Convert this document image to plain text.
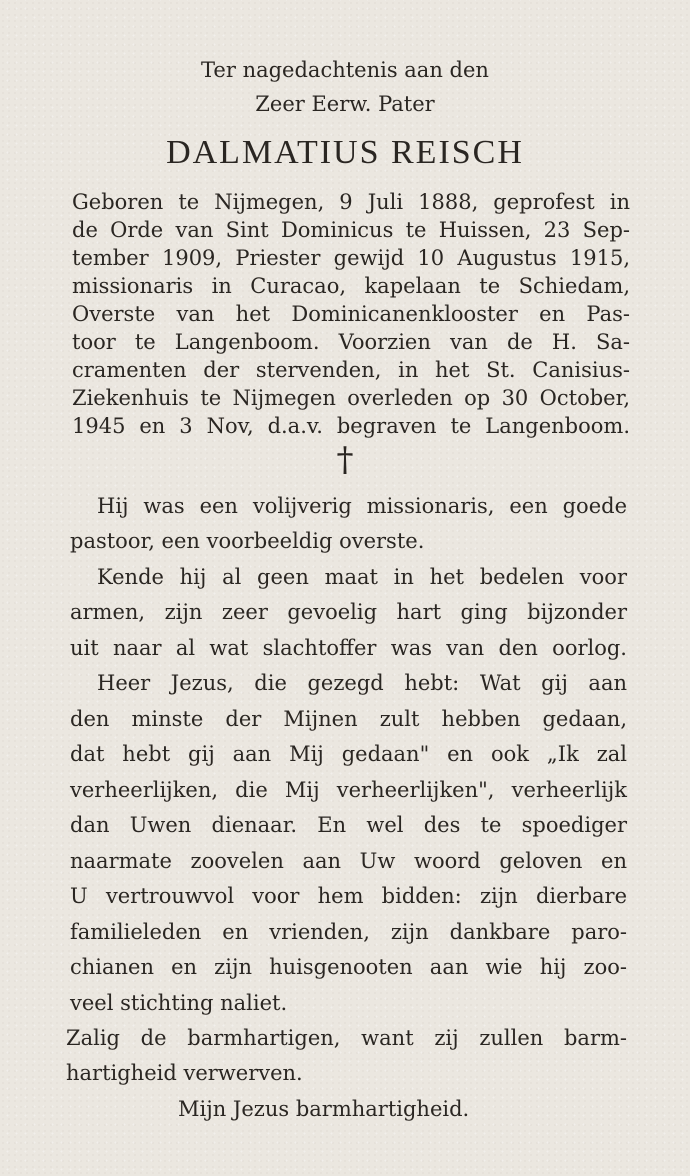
Ter nagedachtenis aan den
Zeer Eerw. Pater
DALMATIUS REISCH
Geboren te Nijmegen, 9 Juli 1888, geprofest in
de Orde van Sint Dominicus te Huissen, 23 Sep-
tember 1909, Priester gewijd 10 Augustus 1915,
missionaris in Curacao, kapelaan te Schiedam,
Overste van het Dominicanenklooster en Pas-
toor te Langenboom. Voorzien van de H. Sa-
cramenten der stervenden, in het St. Canisius-
Ziekenhuis te Nijmegen overleden op 30 October,
1945 en 3 Nov, d.a.v. begraven te Langenboom.
†
Hij was een volijverig missionaris, een goede
pastoor, een voorbeeldig overste.
Kende hij al geen maat in het bedelen voor
armen, zijn zeer gevoelig hart ging bijzonder
uit naar al wat slachtoffer was van den oorlog.
Heer Jezus, die gezegd hebt: Wat gij aan
den minste der Mijnen zult hebben gedaan,
dat hebt gij aan Mij gedaan" en ook „Ik zal
verheerlijken, die Mij verheerlijken", verheerlijk
dan Uwen dienaar. En wel des te spoediger
naarmate zoovelen aan Uw woord geloven en
U vertrouwvol voor hem bidden: zijn dierbare
familieleden en vrienden, zijn dankbare paro-
chianen en zijn huisgenooten aan wie hij zoo-
veel stichting naliet.
Zalig de barmhartigen, want zij zullen barm-
hartigheid verwerven.
Mijn Jezus barmhartigheid.
